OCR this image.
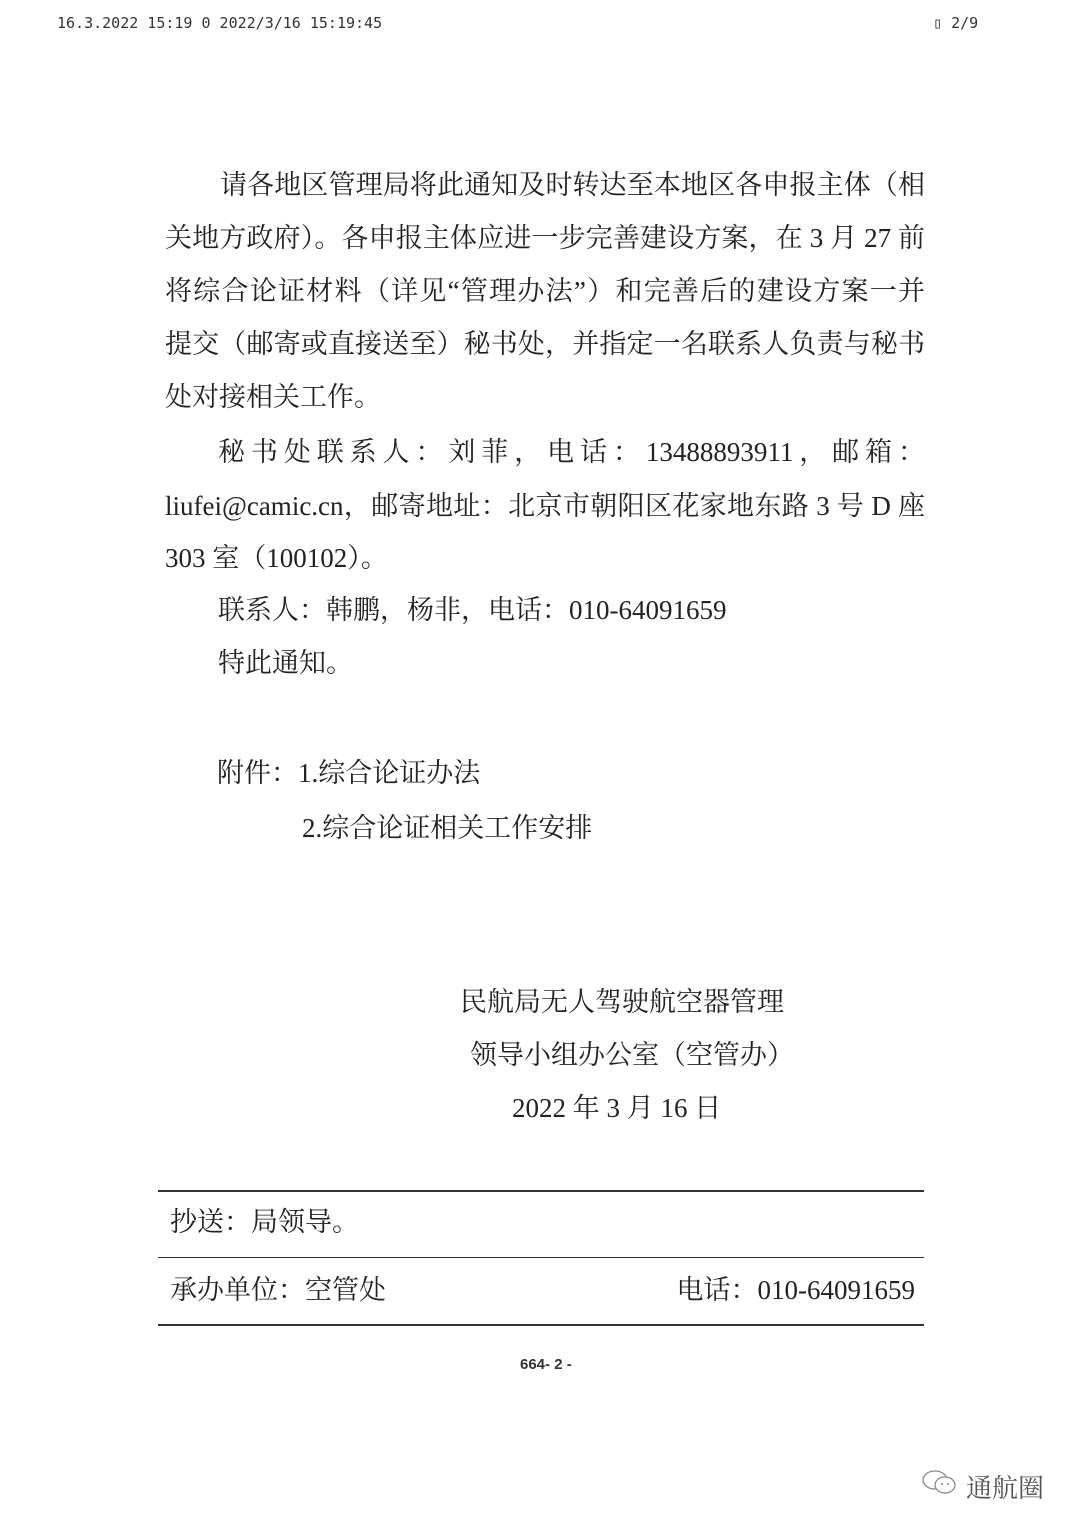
16.3.2022 15:19 0 2022/3/16 15:19:45	▯ 2/9
请各地区管理局将此通知及时转达至本地区各申报主体（相
关地方政府）。各申报主体应进一步完善建设方案，在 3 月 27 前
将综合论证材料（详见“管理办法”）和完善后的建设方案一并
提交（邮寄或直接送至）秘书处，并指定一名联系人负责与秘书
处对接相关工作。
秘书处联系人：刘菲，电话：13488893911，邮箱：
liufei@camic.cn，邮寄地址：北京市朝阳区花家地东路 3 号 D 座
303 室（100102）。
联系人：韩鹏，杨非，电话：010-64091659
特此通知。
附件： 1.综合论证办法
2.综合论证相关工作安排
民航局无人驾驶航空器管理
领导小组办公室（空管办）
2022 年 3 月 16 日
抄送：局领导。
承办单位：空管处	电话：010-64091659
664- 2 -
通航圈
